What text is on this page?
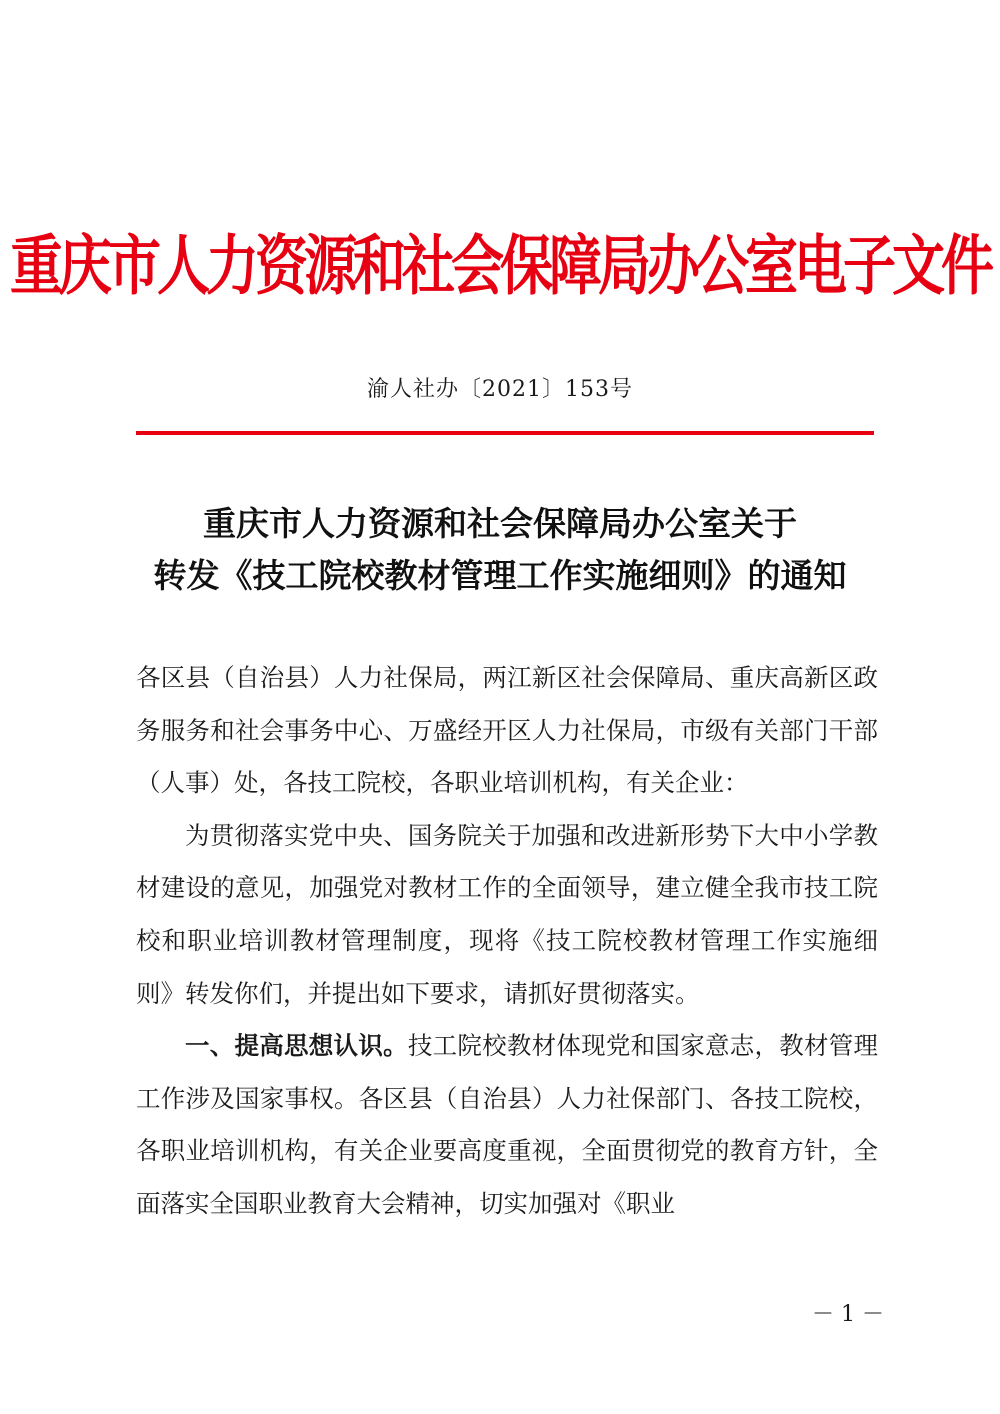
重庆市人力资源和社会保障局办公室电子文件
渝人社办〔2021〕153号
重庆市人力资源和社会保障局办公室关于
转发《技工院校教材管理工作实施细则》的通知

各区县（自治县）人力社保局，两江新区社会保障局、重庆高新区政务服务和社会事务中心、万盛经开区人力社保局，市级有关部门干部（人事）处，各技工院校，各职业培训机构，有关企业：

为贯彻落实党中央、国务院关于加强和改进新形势下大中小学教材建设的意见，加强党对教材工作的全面领导，建立健全我市技工院校和职业培训教材管理制度，现将《技工院校教材管理工作实施细则》转发你们，并提出如下要求，请抓好贯彻落实。

一、提高思想认识。技工院校教材体现党和国家意志，教材管理工作涉及国家事权。各区县（自治县）人力社保部门、各技工院校，各职业培训机构，有关企业要高度重视，全面贯彻党的教育方针，全面落实全国职业教育大会精神，切实加强对《职业

－ 1 －
